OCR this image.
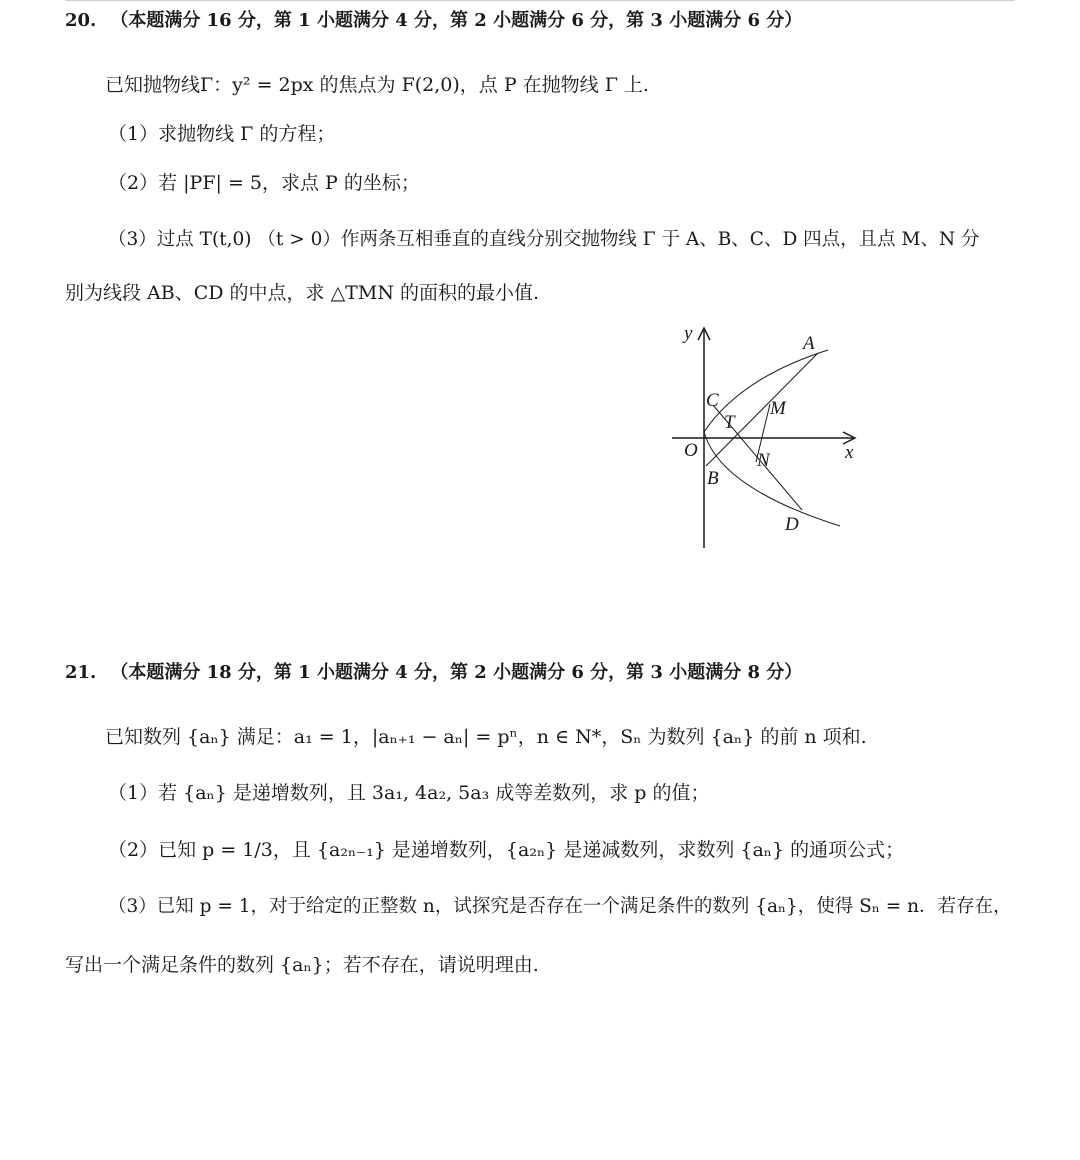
20. （本题满分 16 分，第 1 小题满分 4 分，第 2 小题满分 6 分，第 3 小题满分 6 分）
已知抛物线Γ：y² = 2px 的焦点为 F(2,0)，点 P 在抛物线 Γ 上.
（1）求抛物线 Γ 的方程；
（2）若 |PF| = 5，求点 P 的坐标；
（3）过点 T(t,0) （t > 0）作两条互相垂直的直线分别交抛物线 Γ 于 A、B、C、D 四点，且点 M、N 分
别为线段 AB、CD 的中点，求 △TMN 的面积的最小值.
y
x
O
A
B
C
D
T
M
N
21. （本题满分 18 分，第 1 小题满分 4 分，第 2 小题满分 6 分，第 3 小题满分 8 分）
已知数列 {aₙ} 满足：a₁ = 1，|aₙ₊₁ − aₙ| = pⁿ，n ∈ N*，Sₙ 为数列 {aₙ} 的前 n 项和.
（1）若 {aₙ} 是递增数列，且 3a₁, 4a₂, 5a₃ 成等差数列，求 p 的值；
（2）已知 p = 1/3，且 {a₂ₙ₋₁} 是递增数列，{a₂ₙ} 是递减数列，求数列 {aₙ} 的通项公式；
（3）已知 p = 1，对于给定的正整数 n，试探究是否存在一个满足条件的数列 {aₙ}，使得 Sₙ = n．若存在，
写出一个满足条件的数列 {aₙ}；若不存在，请说明理由.
